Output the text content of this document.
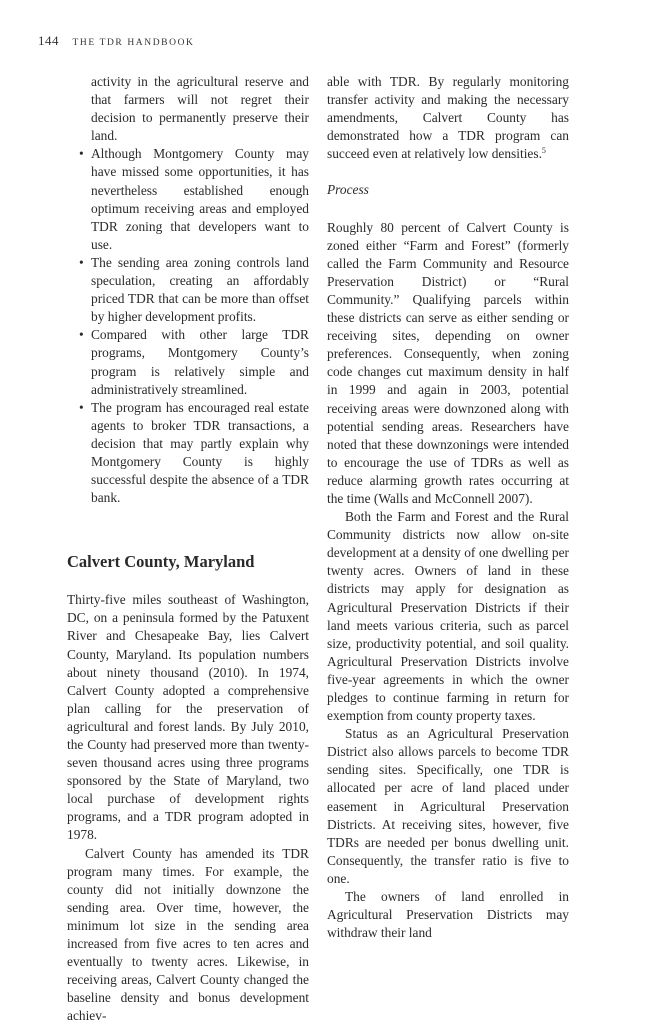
144 THE TDR HANDBOOK

activity in the agricultural reserve and that farmers will not regret their decision to permanently preserve their land.

• Although Montgomery County may have missed some opportunities, it has nevertheless established enough optimum receiving areas and employed TDR zoning that developers want to use.
• The sending area zoning controls land speculation, creating an affordably priced TDR that can be more than offset by higher development profits.
• Compared with other large TDR programs, Montgomery County’s program is relatively simple and administratively streamlined.
• The program has encouraged real estate agents to broker TDR transactions, a decision that may partly explain why Montgomery County is highly successful despite the absence of a TDR bank.
Calvert County, Maryland

Thirty-five miles southeast of Washington, DC, on a peninsula formed by the Patuxent River and Chesapeake Bay, lies Calvert County, Maryland. Its population numbers about ninety thousand (2010). In 1974, Calvert County adopted a comprehensive plan calling for the preservation of agricultural and forest lands. By July 2010, the County had preserved more than twenty-seven thousand acres using three programs sponsored by the State of Maryland, two local purchase of development rights programs, and a TDR program adopted in 1978.

Calvert County has amended its TDR program many times. For example, the county did not initially downzone the sending area. Over time, however, the minimum lot size in the sending area increased from five acres to ten acres and eventually to twenty acres. Likewise, in receiving areas, Calvert County changed the baseline density and bonus development achiev-

able with TDR. By regularly monitoring transfer activity and making the necessary amendments, Calvert County has demonstrated how a TDR program can succeed even at relatively low densities.$^5$

Process

Roughly 80 percent of Calvert County is zoned either “Farm and Forest” (formerly called the Farm Community and Resource Preservation District) or “Rural Community.” Qualifying parcels within these districts can serve as either sending or receiving sites, depending on owner preferences. Consequently, when zoning code changes cut maximum density in half in 1999 and again in 2003, potential receiving areas were downzoned along with potential sending areas. Researchers have noted that these downzonings were intended to encourage the use of TDRs as well as reduce alarming growth rates occurring at the time (Walls and McConnell 2007).

Both the Farm and Forest and the Rural Community districts now allow on-site development at a density of one dwelling per twenty acres. Owners of land in these districts may apply for designation as Agricultural Preservation Districts if their land meets various criteria, such as parcel size, productivity potential, and soil quality. Agricultural Preservation Districts involve five-year agreements in which the owner pledges to continue farming in return for exemption from county property taxes.

Status as an Agricultural Preservation District also allows parcels to become TDR sending sites. Specifically, one TDR is allocated per acre of land placed under easement in Agricultural Preservation Districts. At receiving sites, however, five TDRs are needed per bonus dwelling unit. Consequently, the transfer ratio is five to one.

The owners of land enrolled in Agricultural Preservation Districts may withdraw their land
